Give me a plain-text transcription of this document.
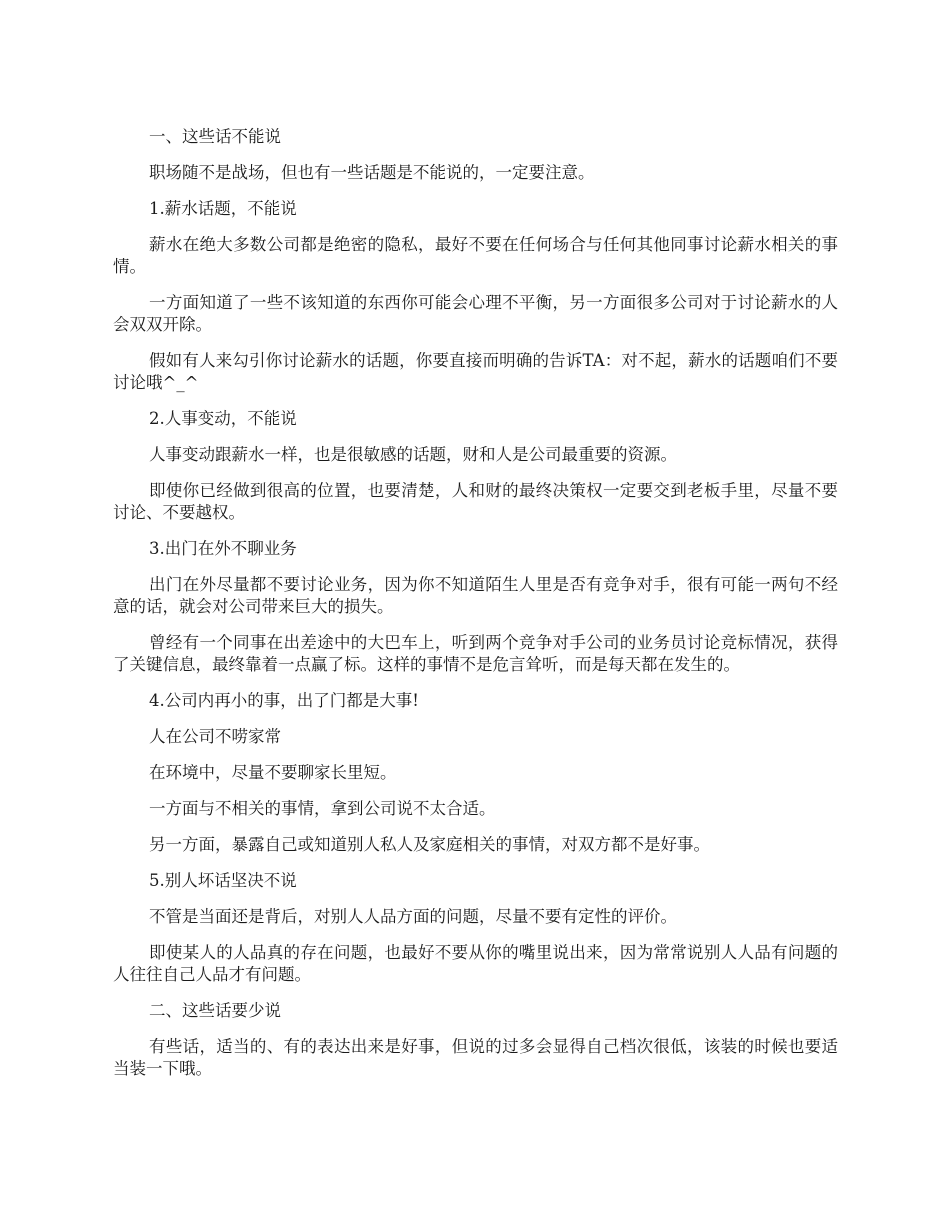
一、这些话不能说

职场随不是战场，但也有一些话题是不能说的，一定要注意。

1.薪水话题，不能说

薪水在绝大多数公司都是绝密的隐私，最好不要在任何场合与任何其他同事讨论薪水相关的事情。

一方面知道了一些不该知道的东西你可能会心理不平衡，另一方面很多公司对于讨论薪水的人会双双开除。

假如有人来勾引你讨论薪水的话题，你要直接而明确的告诉TA：对不起，薪水的话题咱们不要讨论哦^_^

2.人事变动，不能说

人事变动跟薪水一样，也是很敏感的话题，财和人是公司最重要的资源。

即使你已经做到很高的位置，也要清楚，人和财的最终决策权一定要交到老板手里，尽量不要讨论、不要越权。

3.出门在外不聊业务

出门在外尽量都不要讨论业务，因为你不知道陌生人里是否有竞争对手，很有可能一两句不经意的话，就会对公司带来巨大的损失。

曾经有一个同事在出差途中的大巴车上，听到两个竞争对手公司的业务员讨论竞标情况，获得了关键信息，最终靠着一点赢了标。这样的事情不是危言耸听，而是每天都在发生的。

4.公司内再小的事，出了门都是大事!

人在公司不唠家常

在环境中，尽量不要聊家长里短。

一方面与不相关的事情，拿到公司说不太合适。

另一方面，暴露自己或知道别人私人及家庭相关的事情，对双方都不是好事。

5.别人坏话坚决不说

不管是当面还是背后，对别人人品方面的问题，尽量不要有定性的评价。

即使某人的人品真的存在问题，也最好不要从你的嘴里说出来，因为常常说别人人品有问题的人往往自己人品才有问题。

二、这些话要少说

有些话，适当的、有的表达出来是好事，但说的过多会显得自己档次很低，该装的时候也要适当装一下哦。
